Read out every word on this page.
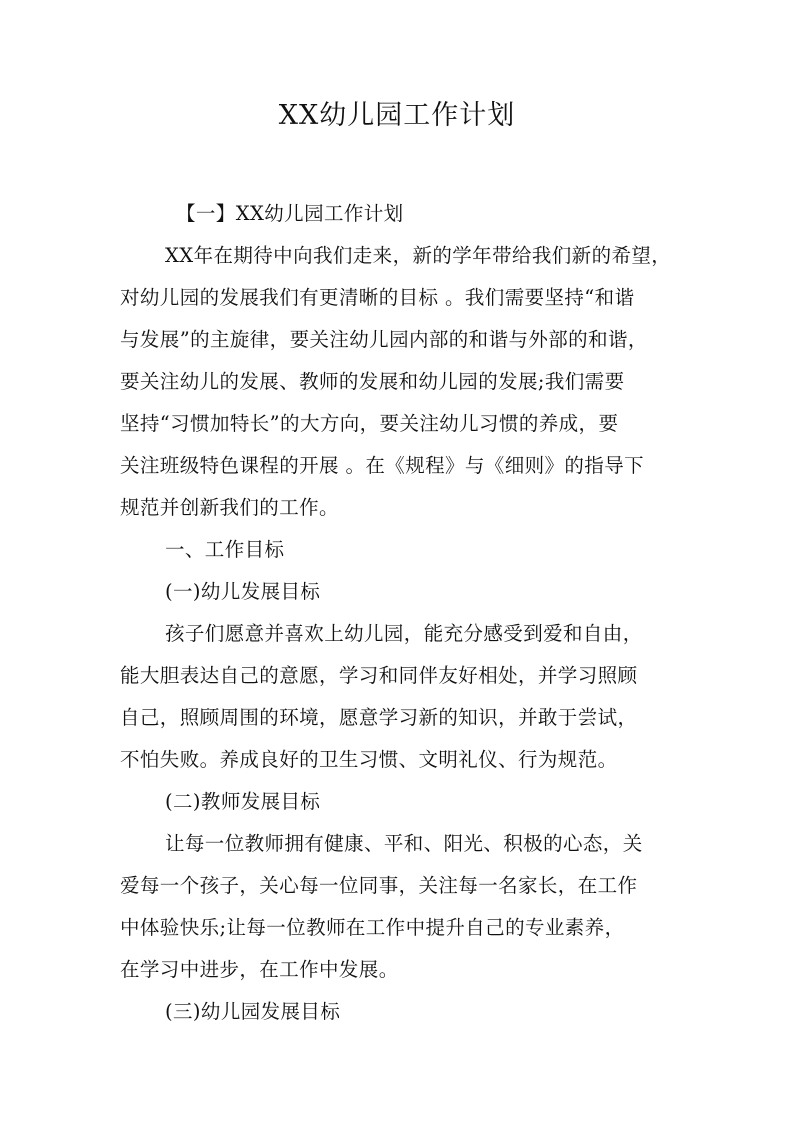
XX幼儿园工作计划
【一】XX幼儿园工作计划
XX年在期待中向我们走来，新的学年带给我们新的希望，
对幼儿园的发展我们有更清晰的目标 。我们需要坚持“和谐
与发展”的主旋律，要关注幼儿园内部的和谐与外部的和谐，
要关注幼儿的发展、教师的发展和幼儿园的发展;我们需要
坚持“习惯加特长”的大方向，要关注幼儿习惯的养成，要
关注班级特色课程的开展 。在《规程》与《细则》的指导下
规范并创新我们的工作。
一、工作目标
(一)幼儿发展目标
孩子们愿意并喜欢上幼儿园，能充分感受到爱和自由，
能大胆表达自己的意愿，学习和同伴友好相处，并学习照顾
自己，照顾周围的环境，愿意学习新的知识，并敢于尝试，
不怕失败。养成良好的卫生习惯、文明礼仪、行为规范。
(二)教师发展目标
让每一位教师拥有健康、平和、阳光、积极的心态，关
爱每一个孩子，关心每一位同事，关注每一名家长，在工作
中体验快乐;让每一位教师在工作中提升自己的专业素养，
在学习中进步，在工作中发展。
(三)幼儿园发展目标
